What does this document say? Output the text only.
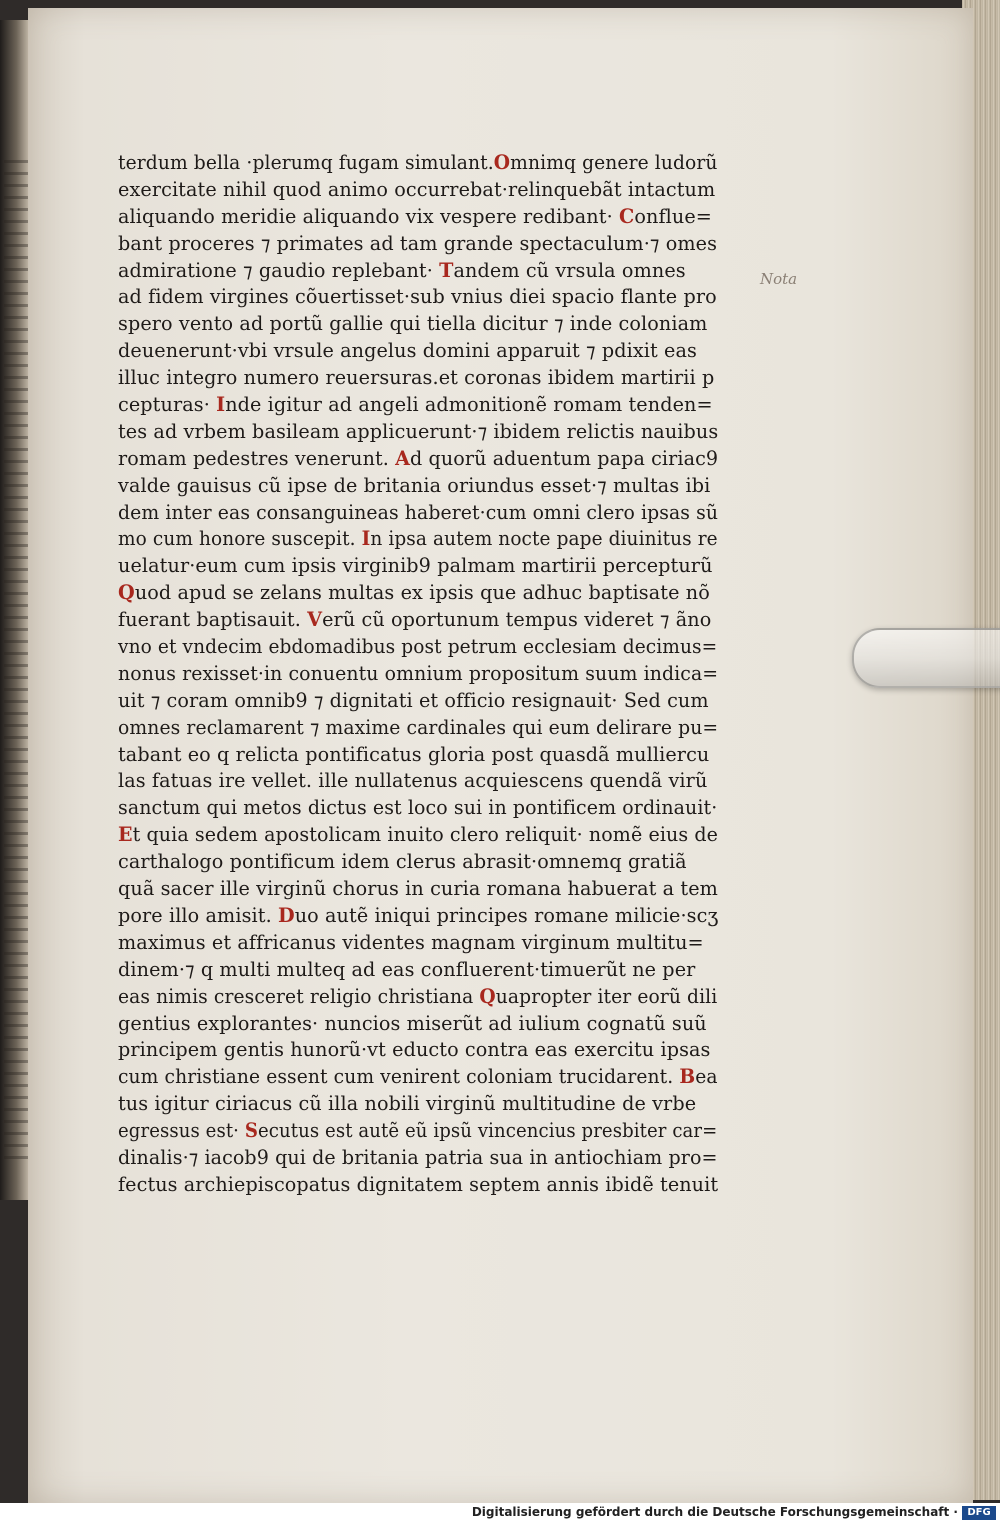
terdum bella ·plerumq fugam simulant.Omnimq genere ludorũ
exercitate nihil quod animo occurrebat·relinquebãt intactum
aliquando meridie aliquando vix vespere redibant· Conflue=
bant proceres ⁊ primates ad tam grande spectaculum·⁊ omes
admiratione ⁊ gaudio replebant· Tandem cũ vrsula omnes
ad fidem virgines cõuertisset·sub vnius diei spacio flante pro
spero vento ad portũ gallie qui tiella dicitur ⁊ inde coloniam
deuenerunt·vbi vrsule angelus domini apparuit ⁊ pdixit eas
illuc integro numero reuersuras.et coronas ibidem martirii p
cepturas· Inde igitur ad angeli admonitionẽ romam tenden=
tes ad vrbem basileam applicuerunt·⁊ ibidem relictis nauibus
romam pedestres venerunt. Ad quorũ aduentum papa ciriac9
valde gauisus cũ ipse de britania oriundus esset·⁊ multas ibi
dem inter eas consanguineas haberet·cum omni clero ipsas sũ
mo cum honore suscepit. In ipsa autem nocte pape diuinitus re
uelatur·eum cum ipsis virginib9 palmam martirii percepturũ
Quod apud se zelans multas ex ipsis que adhuc baptisate nõ
fuerant baptisauit. Verũ cũ oportunum tempus videret ⁊ ãno
vno et vndecim ebdomadibus post petrum ecclesiam decimus=
nonus rexisset·in conuentu omnium propositum suum indica=
uit ⁊ coram omnib9 ⁊ dignitati et officio resignauit· Sed cum
omnes reclamarent ⁊ maxime cardinales qui eum delirare pu=
tabant eo q relicta pontificatus gloria post quasdã mulliercu
las fatuas ire vellet. ille nullatenus acquiescens quendã virũ
sanctum qui metos dictus est loco sui in pontificem ordinauit·
Et quia sedem apostolicam inuito clero reliquit· nomẽ eius de
carthalogo pontificum idem clerus abrasit·omnemq gratiã
quã sacer ille virginũ chorus in curia romana habuerat a tem
pore illo amisit. Duo autẽ iniqui principes romane milicie·scʒ
maximus et affricanus videntes magnam virginum multitu=
dinem·⁊ q multi multeq ad eas confluerent·timuerũt ne per
eas nimis cresceret religio christiana Quapropter iter eorũ dili
gentius explorantes· nuncios miserũt ad iulium cognatũ suũ
principem gentis hunorũ·vt educto contra eas exercitu ipsas
cum christiane essent cum venirent coloniam trucidarent. Bea
tus igitur ciriacus cũ illa nobili virginũ multitudine de vrbe
egressus est· Secutus est autẽ eũ ipsũ vincencius presbiter car=
dinalis·⁊ iacob9 qui de britania patria sua in antiochiam pro=
fectus archiepiscopatus dignitatem septem annis ibidẽ tenuit
Nota
Digitalisierung gefördert durch die Deutsche Forschungsgemeinschaft · DFG
